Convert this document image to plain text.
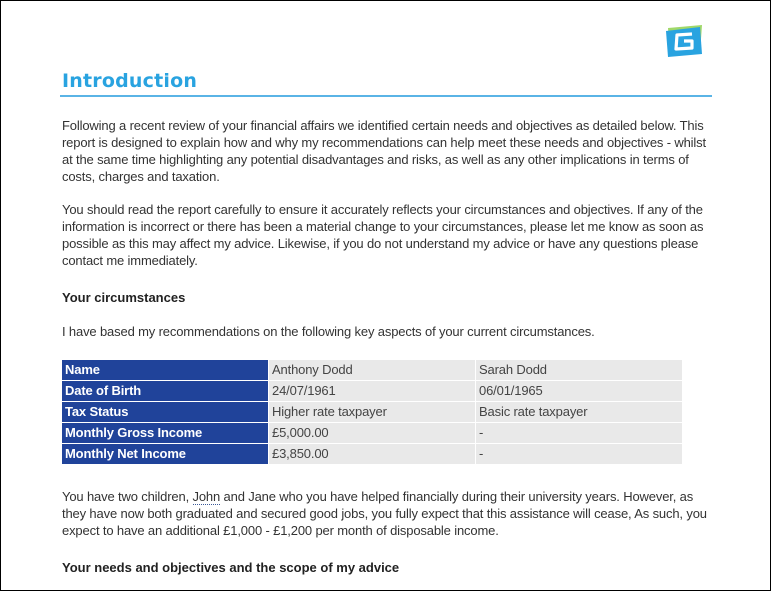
Introduction

Following a recent review of your financial affairs we identified certain needs and objectives as detailed below. This report is designed to explain how and why my recommendations can help meet these needs and objectives - whilst at the same time highlighting any potential disadvantages and risks, as well as any other implications in terms of costs, charges and taxation.

You should read the report carefully to ensure it accurately reflects your circumstances and objectives. If any of the information is incorrect or there has been a material change to your circumstances, please let me know as soon as possible as this may affect my advice. Likewise, if you do not understand my advice or have any questions please contact me immediately.

Your circumstances

I have based my recommendations on the following key aspects of your current circumstances.

Name	Anthony Dodd	Sarah Dodd
Date of Birth	24/07/1961	06/01/1965
Tax Status	Higher rate taxpayer	Basic rate taxpayer
Monthly Gross Income	£5,000.00	-
Monthly Net Income	£3,850.00	-

You have two children, John and Jane who you have helped financially during their university years. However, as they have now both graduated and secured good jobs, you fully expect that this assistance will cease, As such, you expect to have an additional £1,000 - £1,200 per month of disposable income.

Your needs and objectives and the scope of my advice
